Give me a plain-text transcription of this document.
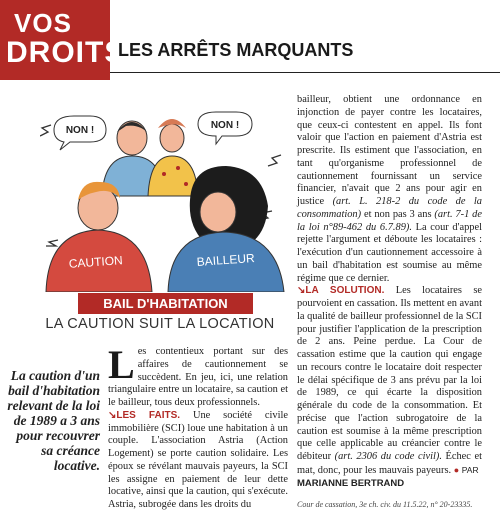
VOS
DROITS
LES ARRÊTS MARQUANTS
NON !	NON !
CAUTION	BAILLEUR
BAIL D'HABITATION
LA CAUTION SUIT LA LOCATION
La caution d'un bail d'habitation relevant de la loi de 1989 a 3 ans pour recouvrer sa créance locative.

Les contentieux portant sur des affaires de cautionnement se succèdent. En jeu, ici, une relation triangulaire entre un locataire, sa caution et le bailleur, tous deux professionnels.

↘LES FAITS. Une société civile immobilière (SCI) loue une habitation à un couple. L'association Astria (Action Logement) se porte caution solidaire. Les époux se révélant mauvais payeurs, la SCI les assigne en paiement de leur dette locative, ainsi que la caution, qui s'exécute. Astria, subrogée dans les droits du

bailleur, obtient une ordonnance en injonction de payer contre les locataires, que ceux-ci contestent en appel. Ils font valoir que l'action en paiement d'Astria est prescrite. Ils estiment que l'association, en tant qu'organisme professionnel de cautionnement fournissant un service financier, n'avait que 2 ans pour agir en justice (art. L. 218-2 du code de la consommation) et non pas 3 ans (art. 7-1 de la loi n°89-462 du 6.7.89). La cour d'appel rejette l'argument et déboute les locataires : l'exécution d'un cautionnement accessoire à un bail d'habitation est soumise au même régime que ce dernier.

↘LA SOLUTION. Les locataires se pourvoient en cassation. Ils mettent en avant la qualité de bailleur professionnel de la SCI pour justifier l'application de la prescription de 2 ans. Peine perdue. La Cour de cassation estime que la caution qui engage un recours contre le locataire doit respecter le délai spécifique de 3 ans prévu par la loi de 1989, ce qui écarte la disposition générale du code de la consommation. Et précise que l'action subrogatoire de la caution est soumise à la même prescription que celle applicable au créancier contre le débiteur (art. 2306 du code civil). Échec et mat, donc, pour les mauvais payeurs. ● PAR
MARIANNE BERTRAND

Cour de cassation, 3e ch. civ. du 11.5.22, n° 20-23335.
